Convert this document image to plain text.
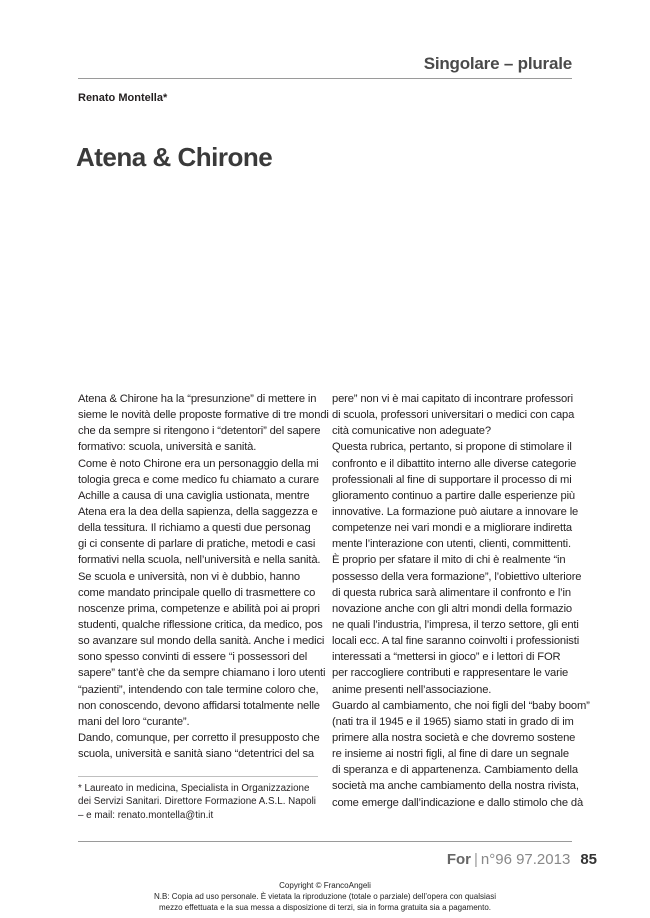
Singolare – plurale
Renato Montella*
Atena & Chirone
Atena & Chirone ha la “presunzione” di mettere in
sieme le novità delle proposte formative di tre mondi
che da sempre si ritengono i “detentori” del sapere
formativo: scuola, università e sanità.
Come è noto Chirone era un personaggio della mi
tologia greca e come medico fu chiamato a curare
Achille a causa di una caviglia ustionata, mentre
Atena era la dea della sapienza, della saggezza e
della tessitura. Il richiamo a questi due personag
gi ci consente di parlare di pratiche, metodi e casi
formativi nella scuola, nell’università e nella sanità.
Se scuola e università, non vi è dubbio, hanno
come mandato principale quello di trasmettere co
noscenze prima, competenze e abilità poi ai propri
studenti, qualche riflessione critica, da medico, pos
so avanzare sul mondo della sanità. Anche i medici
sono spesso convinti di essere “i possessori del
sapere” tant’è che da sempre chiamano i loro utenti
“pazienti”, intendendo con tale termine coloro che,
non conoscendo, devono affidarsi totalmente nelle
mani del loro “curante”.
Dando, comunque, per corretto il presupposto che
scuola, università e sanità siano “detentrici del sa
pere” non vi è mai capitato di incontrare professori
di scuola, professori universitari o medici con capa
cità comunicative non adeguate?
Questa rubrica, pertanto, si propone di stimolare il
confronto e il dibattito interno alle diverse categorie
professionali al fine di supportare il processo di mi
glioramento continuo a partire dalle esperienze più
innovative. La formazione può aiutare a innovare le
competenze nei vari mondi e a migliorare indiretta
mente l’interazione con utenti, clienti, committenti.
È proprio per sfatare il mito di chi è realmente “in
possesso della vera formazione”, l’obiettivo ulteriore
di questa rubrica sarà alimentare il confronto e l’in
novazione anche con gli altri mondi della formazio
ne quali l’industria, l’impresa, il terzo settore, gli enti
locali ecc. A tal fine saranno coinvolti i professionisti
interessati a “mettersi in gioco” e i lettori di FOR
per raccogliere contributi e rappresentare le varie
anime presenti nell’associazione.
Guardo al cambiamento, che noi figli del “baby boom”
(nati tra il 1945 e il 1965) siamo stati in grado di im
primere alla nostra società e che dovremo sostene
re insieme ai nostri figli, al fine di dare un segnale
di speranza e di appartenenza. Cambiamento della
società ma anche cambiamento della nostra rivista,
come emerge dall’indicazione e dallo stimolo che dà
* Laureato in medicina, Specialista in Organizzazione
dei Servizi Sanitari. Direttore Formazione A.S.L. Napoli
– e mail: renato.montella@tin.it
For | n°96 97.2013 85
Copyright © FrancoAngeli
N.B: Copia ad uso personale. È vietata la riproduzione (totale o parziale) dell’opera con qualsiasi
mezzo effettuata e la sua messa a disposizione di terzi, sia in forma gratuita sia a pagamento.
